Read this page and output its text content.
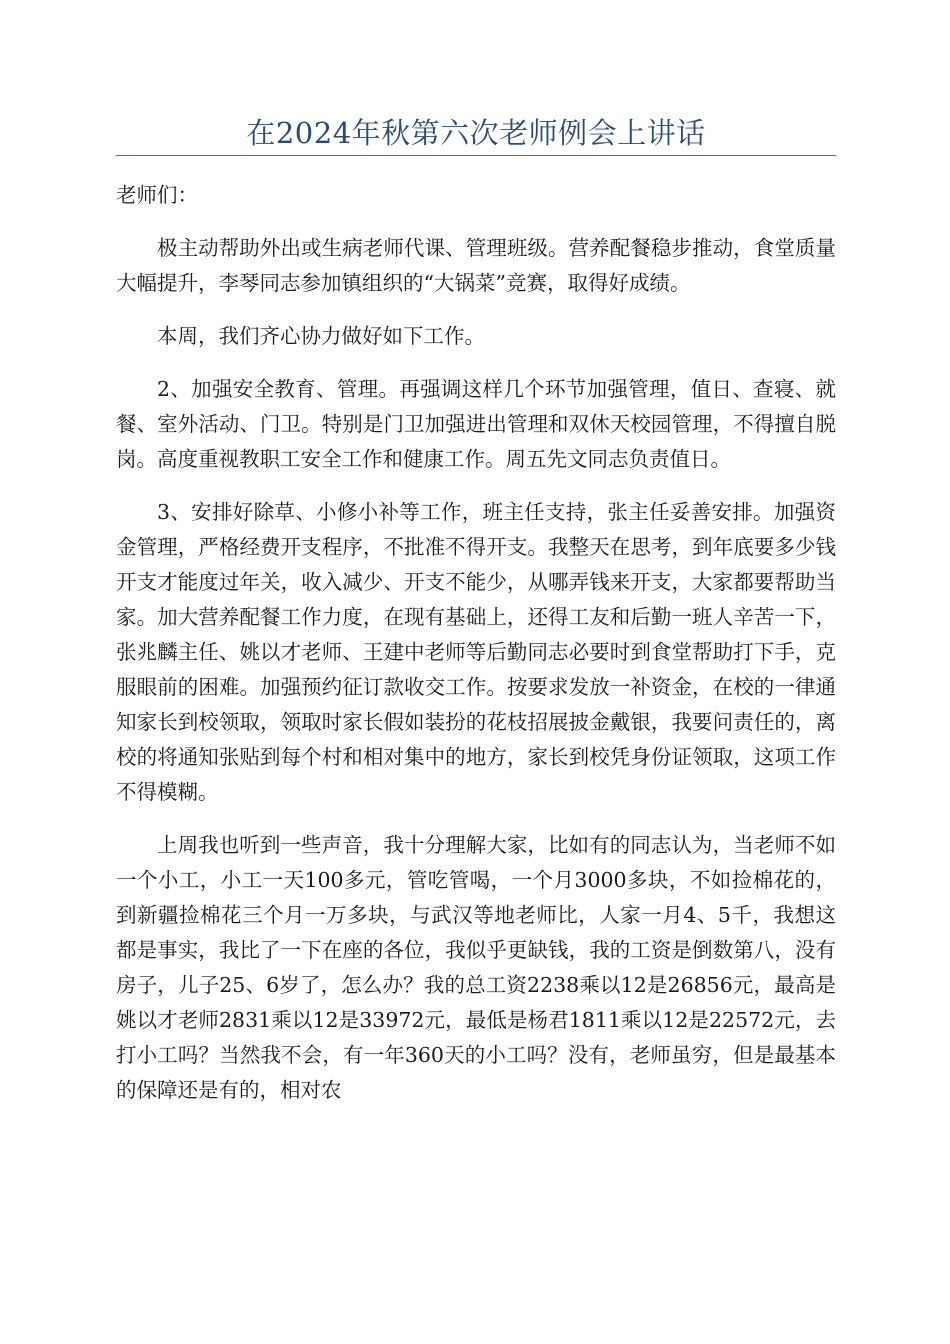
在2024年秋第六次老师例会上讲话

老师们：

极主动帮助外出或生病老师代课、管理班级。营养配餐稳步推动，食堂质量大幅提升，李琴同志参加镇组织的“大锅菜”竞赛，取得好成绩。

本周，我们齐心协力做好如下工作。

2、加强安全教育、管理。再强调这样几个环节加强管理，值日、查寝、就餐、室外活动、门卫。特别是门卫加强进出管理和双休天校园管理，不得擅自脱岗。高度重视教职工安全工作和健康工作。周五先文同志负责值日。

3、安排好除草、小修小补等工作，班主任支持，张主任妥善安排。加强资金管理，严格经费开支程序，不批准不得开支。我整天在思考，到年底要多少钱开支才能度过年关，收入减少、开支不能少，从哪弄钱来开支，大家都要帮助当家。加大营养配餐工作力度，在现有基础上，还得工友和后勤一班人辛苦一下，张兆麟主任、姚以才老师、王建中老师等后勤同志必要时到食堂帮助打下手，克服眼前的困难。加强预约征订款收交工作。按要求发放一补资金，在校的一律通知家长到校领取，领取时家长假如装扮的花枝招展披金戴银，我要问责任的，离校的将通知张贴到每个村和相对集中的地方，家长到校凭身份证领取，这项工作不得模糊。

上周我也听到一些声音，我十分理解大家，比如有的同志认为，当老师不如一个小工，小工一天100多元，管吃管喝，一个月3000多块，不如捡棉花的，到新疆捡棉花三个月一万多块，与武汉等地老师比，人家一月4、5千，我想这都是事实，我比了一下在座的各位，我似乎更缺钱，我的工资是倒数第八，没有房子，儿子25、6岁了，怎么办？我的总工资2238乘以12是26856元，最高是姚以才老师2831乘以12是33972元，最低是杨君1811乘以12是22572元，去打小工吗？当然我不会，有一年360天的小工吗？没有，老师虽穷，但是最基本的保障还是有的，相对农
